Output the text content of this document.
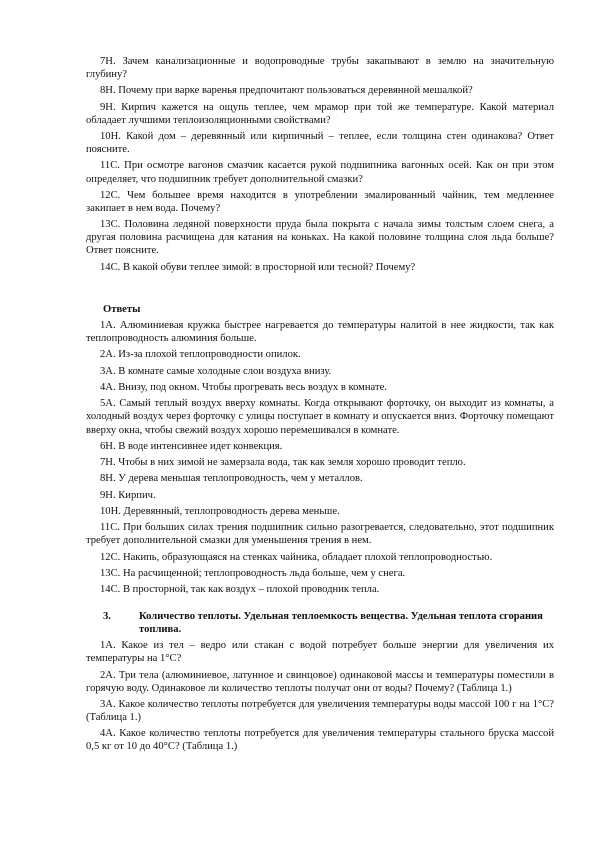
7Н. Зачем канализационные и водопроводные трубы закапывают в землю на значительную глубину?

8Н. Почему при варке варенья предпочитают пользоваться деревянной мешалкой?

9Н. Кирпич кажется на ощупь теплее, чем мрамор при той же температуре. Какой материал обладает лучшими теплоизоляционными свойствами?

10Н. Какой дом – деревянный или кирпичный – теплее, если толщина стен одинакова? Ответ поясните.

11С. При осмотре вагонов смазчик касается рукой подшипника вагонных осей. Как он при этом определяет, что подшипник требует дополнительной смазки?

12С. Чем большее время находится в употреблении эмалированный чайник, тем медленнее закипает в нем вода. Почему?

13С. Половина ледяной поверхности пруда была покрыта с начала зимы толстым слоем снега, а другая половина расчищена для катания на коньках. На какой половине толщина слоя льда больше? Ответ поясните.

14С. В какой обуви теплее зимой: в просторной или тесной? Почему?

Ответы

1А. Алюминиевая кружка быстрее нагревается до температуры налитой в нее жидкости, так как теплопроводность алюминия больше.

2А. Из-за плохой теплопроводности опилок.

3А. В комнате самые холодные слои воздуха внизу.

4А. Внизу, под окном. Чтобы прогревать весь воздух в комнате.

5А. Самый теплый воздух вверху комнаты. Когда открывают форточку, он выходит из комнаты, а холодный воздух через форточку с улицы поступает в комнату и опускается вниз. Форточку помещают вверху окна, чтобы свежий воздух хорошо перемешивался в комнате.

6Н. В воде интенсивнее идет конвекция.

7Н. Чтобы в них зимой не замерзала вода, так как земля хорошо проводит тепло.

8Н. У дерева меньшая теплопроводность, чем у металлов.

9Н. Кирпич.

10Н. Деревянный, теплопроводность дерева меньше.

11С. При больших силах трения подшипник сильно разогревается, следовательно, этот подшипник требует дополнительной смазки для уменьшения трения в нем.

12С. Накипь, образующаяся на стенках чайника, обладает плохой теплопроводностью.

13С. На расчищенной; теплопроводность льда больше, чем у снега.

14С. В просторной, так как воздух – плохой проводник тепла.

3.	Количество теплоты. Удельная теплоемкость вещества. Удельная теплота сгорания топлива.

1А. Какое из тел – ведро или стакан с водой потребует больше энергии для увеличения их температуры на 1°С?

2А. Три тела (алюминиевое, латунное и свинцовое) одинаковой массы и температуры поместили в горячую воду. Одинаковое ли количество теплоты получат они от воды? Почему? (Таблица 1.)

3А. Какое количество теплоты потребуется для увеличения температуры воды массой 100 г на 1°С? (Таблица 1.)

4А. Какое количество теплоты потребуется для увеличения температуры стального бруска массой 0,5 кг от 10 до 40°С? (Таблица 1.)
